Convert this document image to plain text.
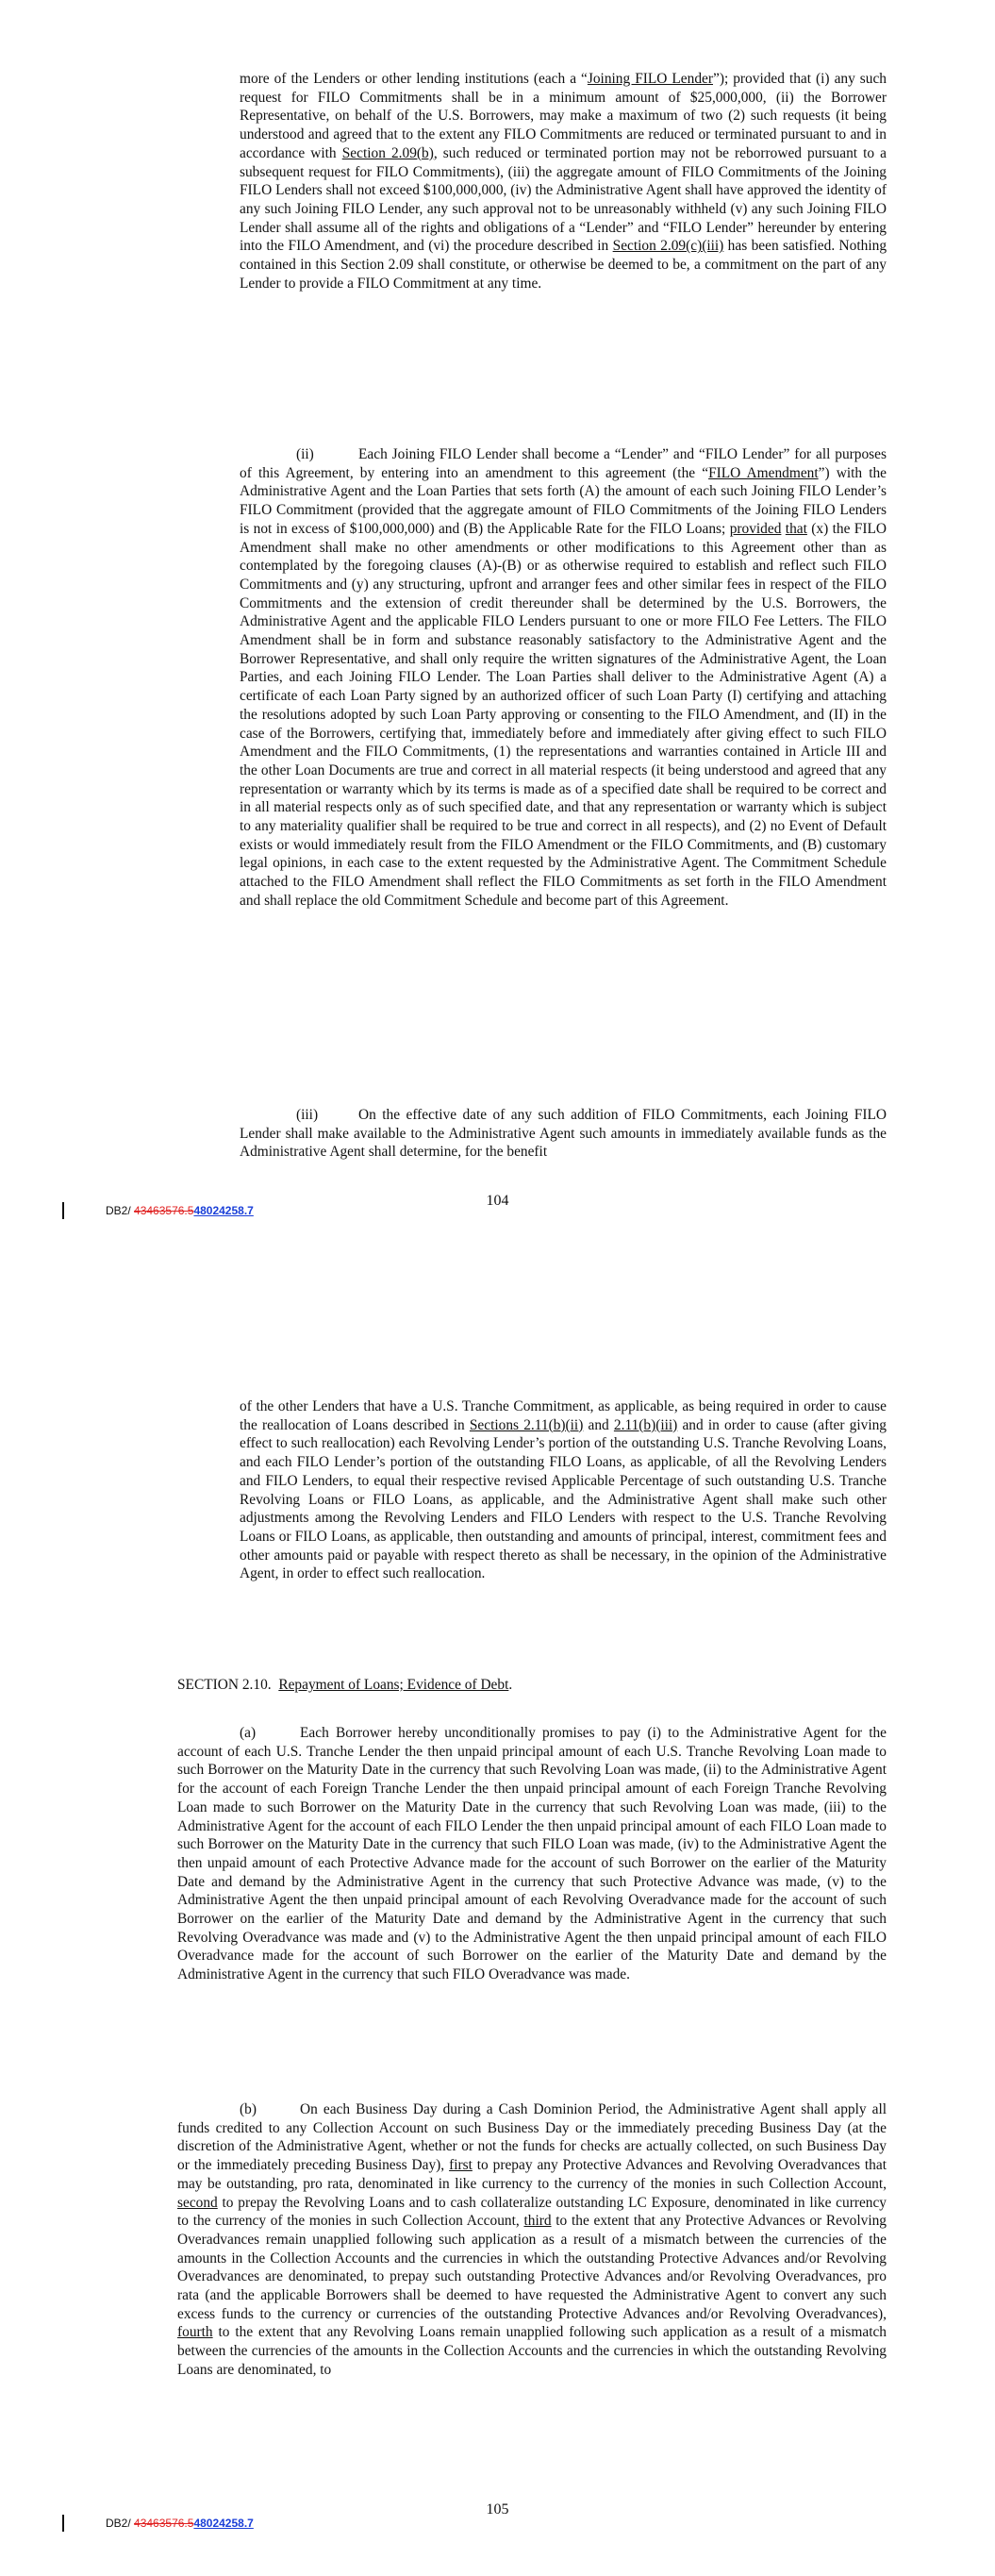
more of the Lenders or other lending institutions (each a “Joining FILO Lender”); provided that (i) any such request for FILO Commitments shall be in a minimum amount of $25,000,000, (ii) the Borrower Representative, on behalf of the U.S. Borrowers, may make a maximum of two (2) such requests (it being understood and agreed that to the extent any FILO Commitments are reduced or terminated pursuant to and in accordance with Section 2.09(b), such reduced or terminated portion may not be reborrowed pursuant to a subsequent request for FILO Commitments), (iii) the aggregate amount of FILO Commitments of the Joining FILO Lenders shall not exceed $100,000,000, (iv) the Administrative Agent shall have approved the identity of any such Joining FILO Lender, any such approval not to be unreasonably withheld (v) any such Joining FILO Lender shall assume all of the rights and obligations of a “Lender” and “FILO Lender” hereunder by entering into the FILO Amendment, and (vi) the procedure described in Section 2.09(c)(iii) has been satisfied. Nothing contained in this Section 2.09 shall constitute, or otherwise be deemed to be, a commitment on the part of any Lender to provide a FILO Commitment at any time.

(ii)	Each Joining FILO Lender shall become a “Lender” and “FILO Lender” for all purposes of this Agreement, by entering into an amendment to this agreement (the “FILO Amendment”) with the Administrative Agent and the Loan Parties that sets forth (A) the amount of each such Joining FILO Lender’s FILO Commitment (provided that the aggregate amount of FILO Commitments of the Joining FILO Lenders is not in excess of $100,000,000) and (B) the Applicable Rate for the FILO Loans; provided that (x) the FILO Amendment shall make no other amendments or other modifications to this Agreement other than as contemplated by the foregoing clauses (A)-(B) or as otherwise required to establish and reflect such FILO Commitments and (y) any structuring, upfront and arranger fees and other similar fees in respect of the FILO Commitments and the extension of credit thereunder shall be determined by the U.S. Borrowers, the Administrative Agent and the applicable FILO Lenders pursuant to one or more FILO Fee Letters. The FILO Amendment shall be in form and substance reasonably satisfactory to the Administrative Agent and the Borrower Representative, and shall only require the written signatures of the Administrative Agent, the Loan Parties, and each Joining FILO Lender. The Loan Parties shall deliver to the Administrative Agent (A) a certificate of each Loan Party signed by an authorized officer of such Loan Party (I) certifying and attaching the resolutions adopted by such Loan Party approving or consenting to the FILO Amendment, and (II) in the case of the Borrowers, certifying that, immediately before and immediately after giving effect to such FILO Amendment and the FILO Commitments, (1) the representations and warranties contained in Article III and the other Loan Documents are true and correct in all material respects (it being understood and agreed that any representation or warranty which by its terms is made as of a specified date shall be required to be correct and in all material respects only as of such specified date, and that any representation or warranty which is subject to any materiality qualifier shall be required to be true and correct in all respects), and (2) no Event of Default exists or would immediately result from the FILO Amendment or the FILO Commitments, and (B) customary legal opinions, in each case to the extent requested by the Administrative Agent. The Commitment Schedule attached to the FILO Amendment shall reflect the FILO Commitments as set forth in the FILO Amendment and shall replace the old Commitment Schedule and become part of this Agreement.

(iii)	On the effective date of any such addition of FILO Commitments, each Joining FILO Lender shall make available to the Administrative Agent such amounts in immediately available funds as the Administrative Agent shall determine, for the benefit

104
DB2/
43463576.5 48024258.7

of the other Lenders that have a U.S. Tranche Commitment, as applicable, as being required in order to cause the reallocation of Loans described in Sections 2.11(b)(ii) and 2.11(b)(iii) and in order to cause (after giving effect to such reallocation) each Revolving Lender’s portion of the outstanding U.S. Tranche Revolving Loans, and each FILO Lender’s portion of the outstanding FILO Loans, as applicable, of all the Revolving Lenders and FILO Lenders, to equal their respective revised Applicable Percentage of such outstanding U.S. Tranche Revolving Loans or FILO Loans, as applicable, and the Administrative Agent shall make such other adjustments among the Revolving Lenders and FILO Lenders with respect to the U.S. Tranche Revolving Loans or FILO Loans, as applicable, then outstanding and amounts of principal, interest, commitment fees and other amounts paid or payable with respect thereto as shall be necessary, in the opinion of the Administrative Agent, in order to effect such reallocation.

SECTION 2.10. Repayment of Loans; Evidence of Debt.

(a)	Each Borrower hereby unconditionally promises to pay (i) to the Administrative Agent for the account of each U.S. Tranche Lender the then unpaid principal amount of each U.S. Tranche Revolving Loan made to such Borrower on the Maturity Date in the currency that such Revolving Loan was made, (ii) to the Administrative Agent for the account of each Foreign Tranche Lender the then unpaid principal amount of each Foreign Tranche Revolving Loan made to such Borrower on the Maturity Date in the currency that such Revolving Loan was made, (iii) to the Administrative Agent for the account of each FILO Lender the then unpaid principal amount of each FILO Loan made to such Borrower on the Maturity Date in the currency that such FILO Loan was made, (iv) to the Administrative Agent the then unpaid amount of each Protective Advance made for the account of such Borrower on the earlier of the Maturity Date and demand by the Administrative Agent in the currency that such Protective Advance was made, (v) to the Administrative Agent the then unpaid principal amount of each Revolving Overadvance made for the account of such Borrower on the earlier of the Maturity Date and demand by the Administrative Agent in the currency that such Revolving Overadvance was made and (v) to the Administrative Agent the then unpaid principal amount of each FILO Overadvance made for the account of such Borrower on the earlier of the Maturity Date and demand by the Administrative Agent in the currency that such FILO Overadvance was made.

(b)	On each Business Day during a Cash Dominion Period, the Administrative Agent shall apply all funds credited to any Collection Account on such Business Day or the immediately preceding Business Day (at the discretion of the Administrative Agent, whether or not the funds for checks are actually collected, on such Business Day or the immediately preceding Business Day), first to prepay any Protective Advances and Revolving Overadvances that may be outstanding, pro rata, denominated in like currency to the currency of the monies in such Collection Account, second to prepay the Revolving Loans and to cash collateralize outstanding LC Exposure, denominated in like currency to the currency of the monies in such Collection Account, third to the extent that any Protective Advances or Revolving Overadvances remain unapplied following such application as a result of a mismatch between the currencies of the amounts in the Collection Accounts and the currencies in which the outstanding Protective Advances and/or Revolving Overadvances are denominated, to prepay such outstanding Protective Advances and/or Revolving Overadvances, pro rata (and the applicable Borrowers shall be deemed to have requested the Administrative Agent to convert any such excess funds to the currency or currencies of the outstanding Protective Advances and/or Revolving Overadvances), fourth to the extent that any Revolving Loans remain unapplied following such application as a result of a mismatch between the currencies of the amounts in the Collection Accounts and the currencies in which the outstanding Revolving Loans are denominated, to

105
DB2/
43463576.5 48024258.7
